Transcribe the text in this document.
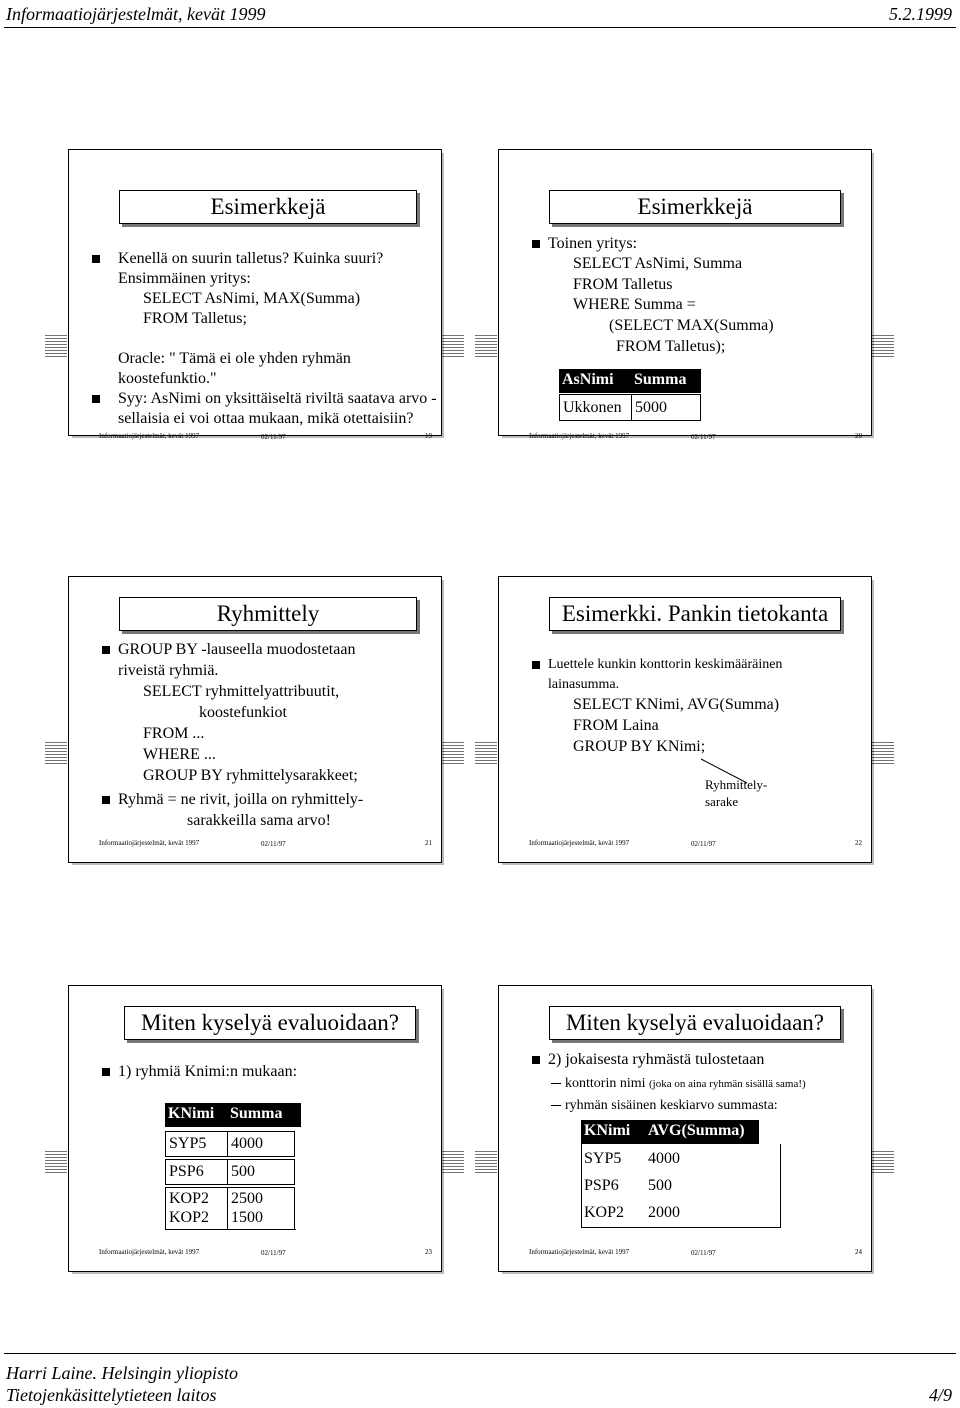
Informaatiojärjestelmät, kevät 1999	5.2.1999
Esimerkkejä
Kenellä on suurin talletus? Kuinka suuri?
Ensimmäinen yritys:
SELECT AsNimi, MAX(Summa)
FROM Talletus;
Oracle: " Tämä ei ole yhden ryhmän
koostefunktio."
Syy: AsNimi on yksittäiseltä riviltä saatava arvo -
sellaisia ei voi ottaa mukaan, mikä otettaisiin?
Informaatiojärjestelmät, kevät 1997	02/11/97	19
Esimerkkejä
Toinen yritys:
SELECT AsNimi, Summa
FROM Talletus
WHERE Summa =
(SELECT MAX(Summa)
FROM Talletus);
AsNimi	Summa
Ukkonen 5000
Informaatiojärjestelmät, kevät 1997	02/11/97	20
Ryhmittely
GROUP BY -lauseella muodostetaan
riveistä ryhmiä.
SELECT ryhmittelyattribuutit,
koostefunkiot
FROM ...
WHERE ...
GROUP BY ryhmittelysarakkeet;
Ryhmä = ne rivit, joilla on ryhmittely-
sarakkeilla sama arvo!
Informaatiojärjestelmät, kevät 1997	02/11/97	21
Esimerkki. Pankin tietokanta
Luettele kunkin konttorin keskimääräinen
lainasumma.
SELECT KNimi, AVG(Summa)
FROM Laina
GROUP BY KNimi;
Ryhmittely-
sarake
Informaatiojärjestelmät, kevät 1997	02/11/97	22
Miten kyselyä evaluoidaan?
1) ryhmiä Knimi:n mukaan:
KNimi Summa
SYP5	4000
PSP6	500
KOP2	2500
KOP2	1500
Informaatiojärjestelmät, kevät 1997	02/11/97	23
Miten kyselyä evaluoidaan?
2) jokaisesta ryhmästä tulostetaan
konttorin nimi (joka on aina ryhmän sisällä sama!)
ryhmän sisäinen keskiarvo summasta:
KNimi	AVG(Summa)
SYP5	4000
PSP6	500
KOP2	2000
Informaatiojärjestelmät, kevät 1997	02/11/97	24
Harri Laine. Helsingin yliopisto
Tietojenkäsittelytieteen laitos	4/9
